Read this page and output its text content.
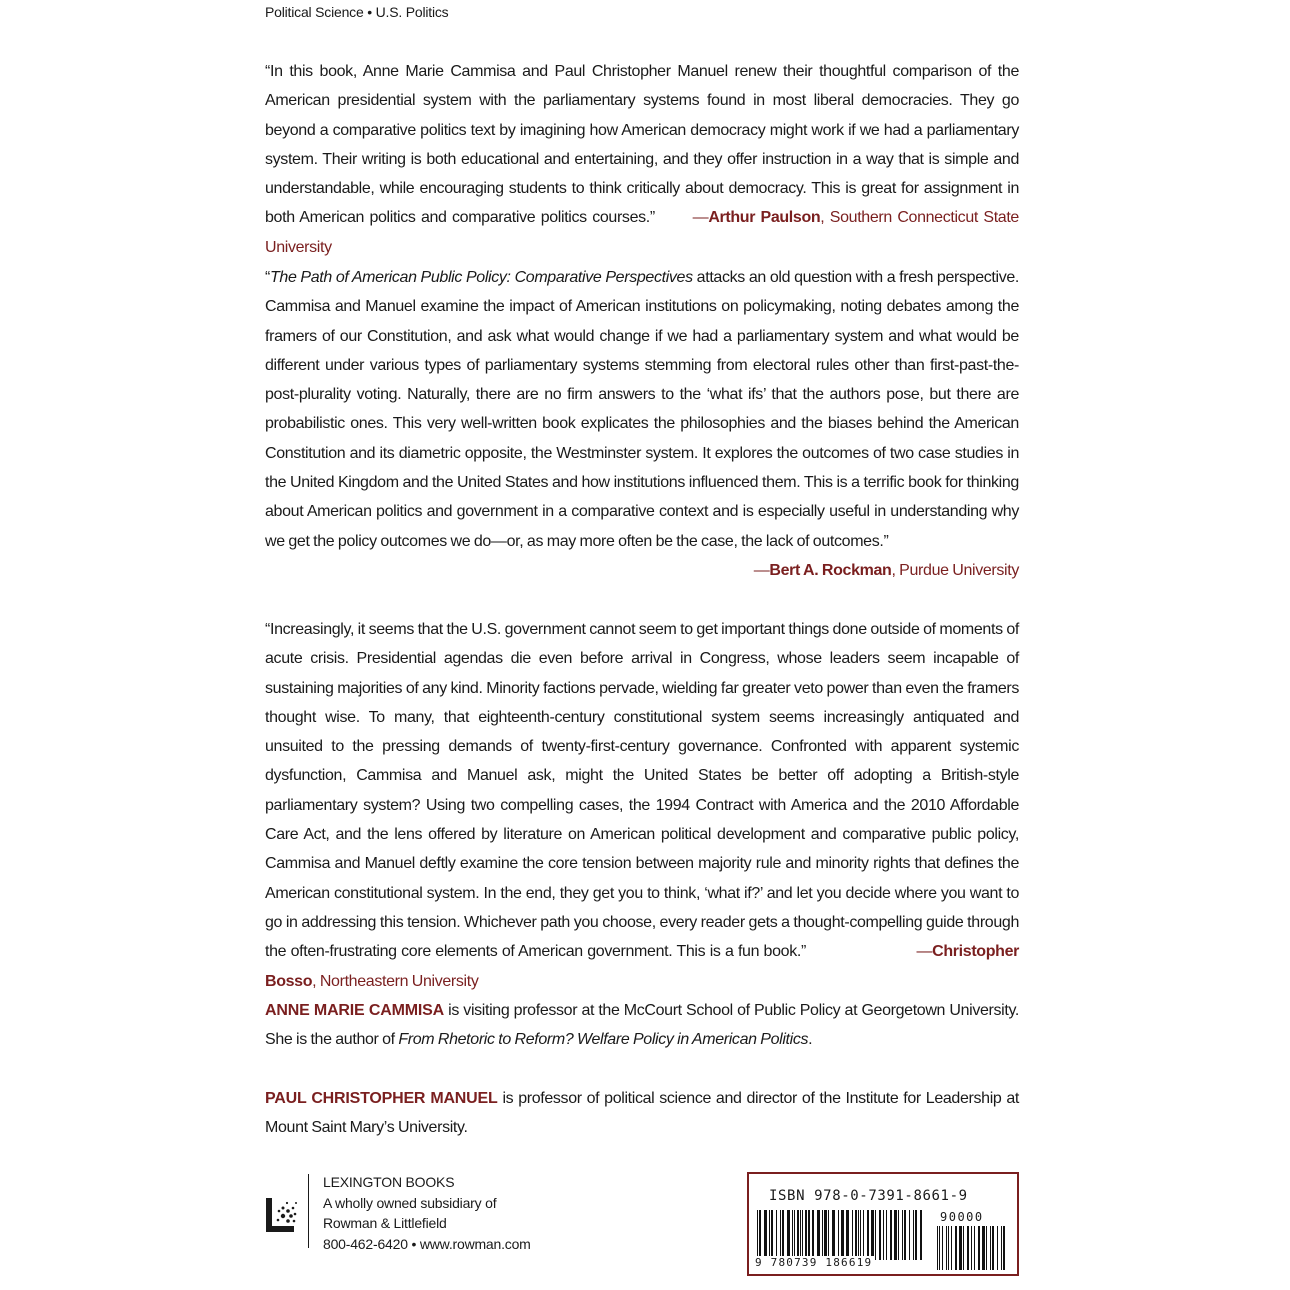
Political Science • U.S. Politics

“In this book, Anne Marie Cammisa and Paul Christopher Manuel renew their thoughtful comparison of the American presidential system with the parliamentary systems found in most liberal democracies. They go beyond a comparative politics text by imagining how American democracy might work if we had a parliamentary system. Their writing is both educational and entertaining, and they offer instruction in a way that is simple and understandable, while encouraging students to think critically about democracy. This is great for assignment in both American politics and comparative politics courses.” —Arthur Paulson, Southern Connecticut State University

“The Path of American Public Policy: Comparative Perspectives attacks an old question with a fresh perspective. Cammisa and Manuel examine the impact of American institutions on policymaking, noting debates among the framers of our Constitution, and ask what would change if we had a parliamentary system and what would be different under various types of parliamentary systems stemming from electoral rules other than first-past-the-post-plurality voting. Naturally, there are no firm answers to the ‘what ifs’ that the authors pose, but there are probabilistic ones. This very well-written book explicates the philosophies and the biases behind the American Constitution and its diametric opposite, the Westminster system. It explores the outcomes of two case studies in the United Kingdom and the United States and how institutions influenced them. This is a terrific book for thinking about American politics and government in a comparative context and is especially useful in understanding why we get the policy outcomes we do—or, as may more often be the case, the lack of outcomes.”
—Bert A. Rockman, Purdue University

“Increasingly, it seems that the U.S. government cannot seem to get important things done outside of moments of acute crisis. Presidential agendas die even before arrival in Congress, whose leaders seem incapable of sustaining majorities of any kind. Minority factions pervade, wielding far greater veto power than even the framers thought wise. To many, that eighteenth-century constitutional system seems increasingly antiquated and unsuited to the pressing demands of twenty-first-century governance. Confronted with apparent systemic dysfunction, Cammisa and Manuel ask, might the United States be better off adopting a British-style parliamentary system? Using two compelling cases, the 1994 Contract with America and the 2010 Affordable Care Act, and the lens offered by literature on American political development and comparative public policy, Cammisa and Manuel deftly examine the core tension between majority rule and minority rights that defines the American constitutional system. In the end, they get you to think, ‘what if?’ and let you decide where you want to go in addressing this tension. Whichever path you choose, every reader gets a thought-compelling guide through the often-frustrating core elements of American government. This is a fun book.”	—Christopher Bosso, Northeastern University

ANNE MARIE CAMMISA is visiting professor at the McCourt School of Public Policy at Georgetown University. She is the author of From Rhetoric to Reform? Welfare Policy in American Politics.

PAUL CHRISTOPHER MANUEL is professor of political science and director of the Institute for Leadership at Mount Saint Mary’s University.

LEXINGTON BOOKS
A wholly owned subsidiary of
Rowman & Littlefield
800-462-6420 • www.rowman.com
ISBN 978-0-7391-8661-9
9 780739 186619
90000
